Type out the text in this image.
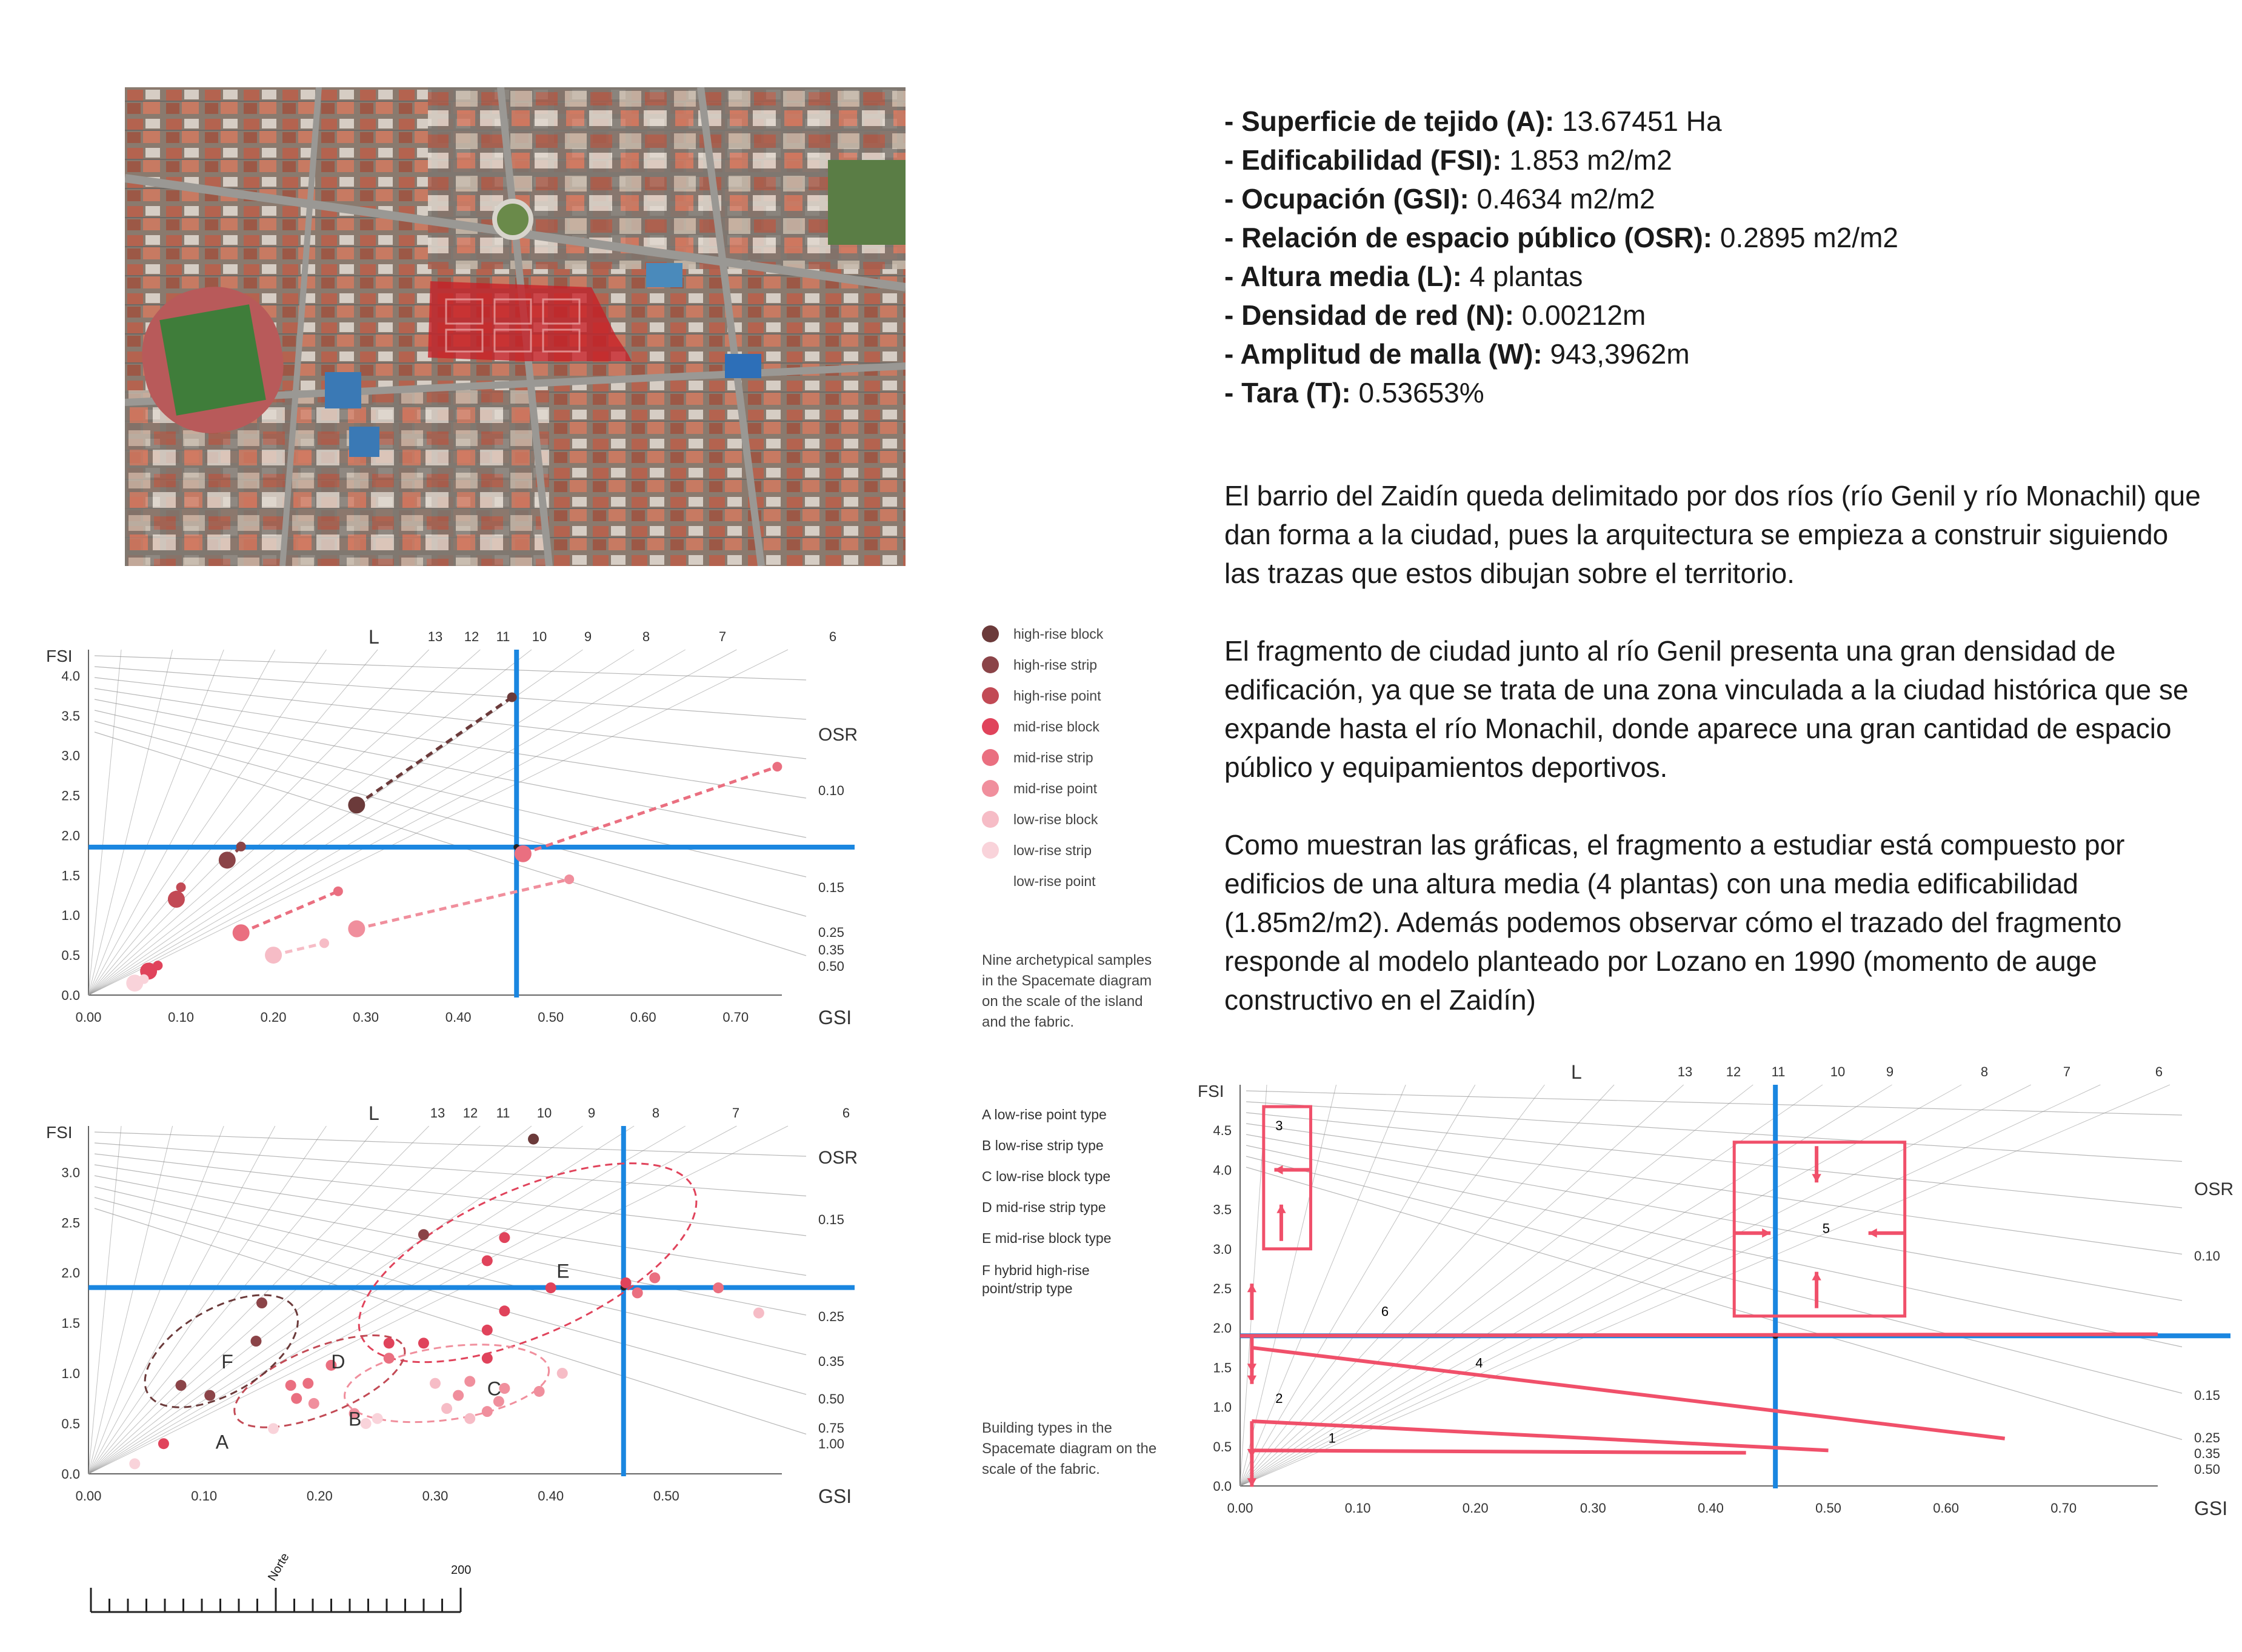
- Superficie de tejido (A): 13.67451 Ha
- Edificabilidad (FSI): 1.853 m2/m2
- Ocupación (GSI): 0.4634 m2/m2
- Relación de espacio público (OSR): 0.2895 m2/m2
- Altura media (L): 4 plantas
- Densidad de red (N): 0.00212m
- Amplitud de malla (W): 943,3962m
- Tara (T): 0.53653%

El barrio del Zaidín queda delimitado por dos ríos (río Genil y río Monachil) que dan forma a la ciudad, pues la arquitectura se empieza a construir siguiendo las trazas que estos dibujan sobre el territorio.

El fragmento de ciudad junto al río Genil presenta una gran densidad de edificación, ya que se trata de una zona vinculada a la ciudad histórica que se expande hasta el río Monachil, donde aparece una gran cantidad de espacio público y equipamientos deportivos.

Como muestran las gráficas, el fragmento a estudiar está compuesto por edificios de una altura media (4 plantas) con una media edificabilidad (1.85m2/m2). Además podemos observar cómo el trazado del fragmento responde al modelo planteado por Lozano en 1990 (momento de auge constructivo en el Zaidín)

0.00	0.10	0.20	0.30	0.40	0.50	0.60	0.70
0.0
0.5
1.0
1.5
2.0
2.5
3.0
3.5
4.0
13 12 11 10	9	8	7	6
0.10
0.15
0.25
0.35
0.50
FSI
GSI
L
OSR
high-rise block
high-rise strip
high-rise point
mid-rise block
mid-rise strip
mid-rise point
low-rise block
low-rise strip
low-rise point
Nine archetypical samples in the Spacemate diagram on the scale of the island and the fabric.
0.00	0.10	0.20	0.30	0.40	0.50
0.0
0.5
1.0
1.5
2.0
2.5
3.0
13 12 11 10	9	8	7	6
0.15
0.25
0.35
0.50
0.75
1.00
FSI
GSI
L
OSR
A
B
C
D
E
F
A low-rise point type
B low-rise strip type
C low-rise block type
D mid-rise strip type
E mid-rise block type
F hybrid high-rise point/strip type
Building types in the Spacemate diagram on the scale of the fabric.
0.00	0.10	0.20	0.30	0.40	0.50	0.60	0.70
0.0
0.5
1.0
1.5
2.0
2.5
3.0
3.5
4.0
4.5
13	12 11	10	9	8	7	6
0.10
0.15
0.25
0.35
0.50
FSI
GSI
L
OSR
3
5
1
2
4
6
Norte	200
